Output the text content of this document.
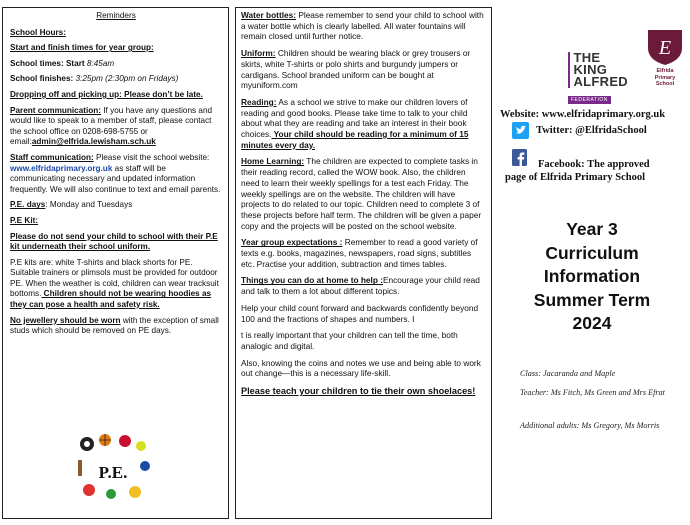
Reminders
School Hours:
Start and finish times for year group:
School times: Start 8:45am
School finishes: 3:25pm (2:30pm on Fridays)
Dropping off and picking up: Please don’t be late.
Parent communication: If you have any questions and would like to speak to a member of staff, please contact the school office on 0208-698-5755 or email:admin@elfrida.lewisham.sch.uk
Staff communication: Please visit the school website: www.elfridaprimary.org.uk as staff will be communicating necessary and updated information frequently. We will also continue to text and email parents.
P.E. days: Monday and Tuesdays
P.E Kit:
Please do not send your child to school with their P.E kit underneath their school uniform.
P.E kits are: white T-shirts and black shorts for PE. Suitable trainers or plimsols must be provided for outdoor PE. When the weather is cold, children can wear tracksuit bottoms. Children should not be wearing hoodies as they can pose a health and safety risk.
No jewellery should be worn with the exception of small studs which should be removed on PE days.
P.E.
Water bottles: Please remember to send your child to school with a water bottle which is clearly labelled. All water fountains will remain closed until further notice.
Uniform: Children should be wearing black or grey trousers or skirts, white T-shirts or polo shirts and burgundy jumpers or cardigans. School branded uniform can be bought at myuniform.com
Reading: As a school we strive to make our children lovers of reading and good books. Please take time to talk to your child about what they are reading and take an interest in their book choices. Your child should be reading for a minimum of 15 minutes every day.
Home Learning: The children are expected to complete tasks in their reading record, called the WOW book. Also, the children need to learn their weekly spellings for a test each Friday. The weekly spellings are on the website. The children will have projects to do related to our topic. Children need to complete 3 of these projects before half term. The children will be given a paper copy and the projects will be posted on the school website.
Year group expectations : Remember to read a good variety of texts e.g. books, magazines, newspapers, road signs, subtitles etc. Practise your addition, subtraction and times tables.
Things you can do at home to help :Encourage your child read and talk to them a lot about different topics.
Help your child count forward and backwards confidently beyond 100 and the fractions of shapes and numbers. I
t is really important that your children can tell the time, both analogic and digital.
Also, knowing the coins and notes we use and being able to work out change—this is a necessary life-skill.
Please teach your children to tie their own shoelaces!
THE
KING
ALFRED
FEDERATION
E
Elfrida
Primary
School
Website: www.elfridaprimary.org.uk
Twitter: @ElfridaSchool
Facebook: The approved
page of Elfrida Primary School
Year 3
Curriculum
Information
Summer Term
2024
Class: Jacaranda and Maple
Teacher: Ms Fitch, Ms Green and Mrs Efrat
Additional adults: Ms Gregory, Ms Morris
